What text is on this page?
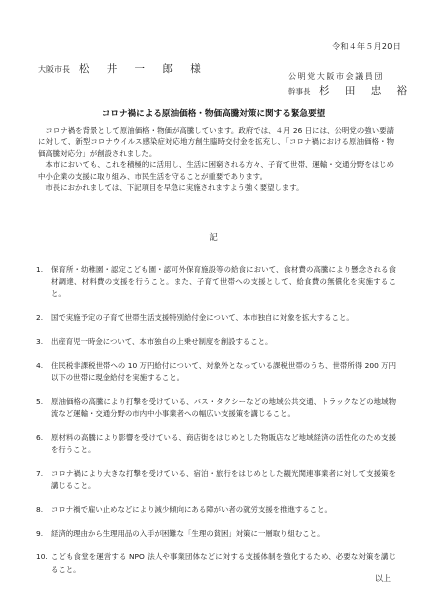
令和４年５月20日
大阪市長 松 井 一 郎 様
公明党大阪市会議員団
幹事長 杉 田 忠 裕
コロナ禍による原油価格・物価高騰対策に関する緊急要望

コロナ禍を背景として原油価格・物価が高騰しています。政府では、４月 26 日には、公明党の強い要請に対して、新型コロナウイルス感染症対応地方創生臨時交付金を拡充し、「コロナ禍における原油価格・物価高騰対応分」が創設されました。

本市においても、これを積極的に活用し、生活に困窮される方々、子育て世帯、運輸・交通分野をはじめ中小企業の支援に取り組み、市民生活を守ることが重要であります。

市長におかれましては、下記項目を早急に実施されますよう強く要望します。

記
1. 保育所・幼稚園・認定こども園・認可外保育施設等の給食において、食材費の高騰により懸念される食材調達、材料費の支援を行うこと。また、子育て世帯への支援として、給食費の無償化を実施すること。
2. 国で実施予定の子育て世帯生活支援特別給付金について、本市独自に対象を拡大すること。
3. 出産育児一時金について、本市独自の上乗せ制度を創設すること。
4. 住民税非課税世帯への 10 万円給付について、対象外となっている課税世帯のうち、世帯所得 200 万円以下の世帯に現金給付を実施すること。
5. 原油価格の高騰により打撃を受けている、バス・タクシーなどの地域公共交通、トラックなどの地域物流など運輸・交通分野の市内中小事業者への幅広い支援策を講じること。
6. 原材料の高騰により影響を受けている、商店街をはじめとした物販店など地域経済の活性化のため支援を行うこと。
7. コロナ禍により大きな打撃を受けている、宿泊・旅行をはじめとした観光関連事業者に対して支援策を講じること。
8. コロナ禍で雇い止めなどにより減少傾向にある障がい者の就労支援を推進すること。
9. 経済的理由から生理用品の入手が困難な「生理の貧困」対策に一層取り組むこと。
10. こども食堂を運営する NPO 法人や事業団体などに対する支援体制を強化するため、必要な対策を講じること。
以上
